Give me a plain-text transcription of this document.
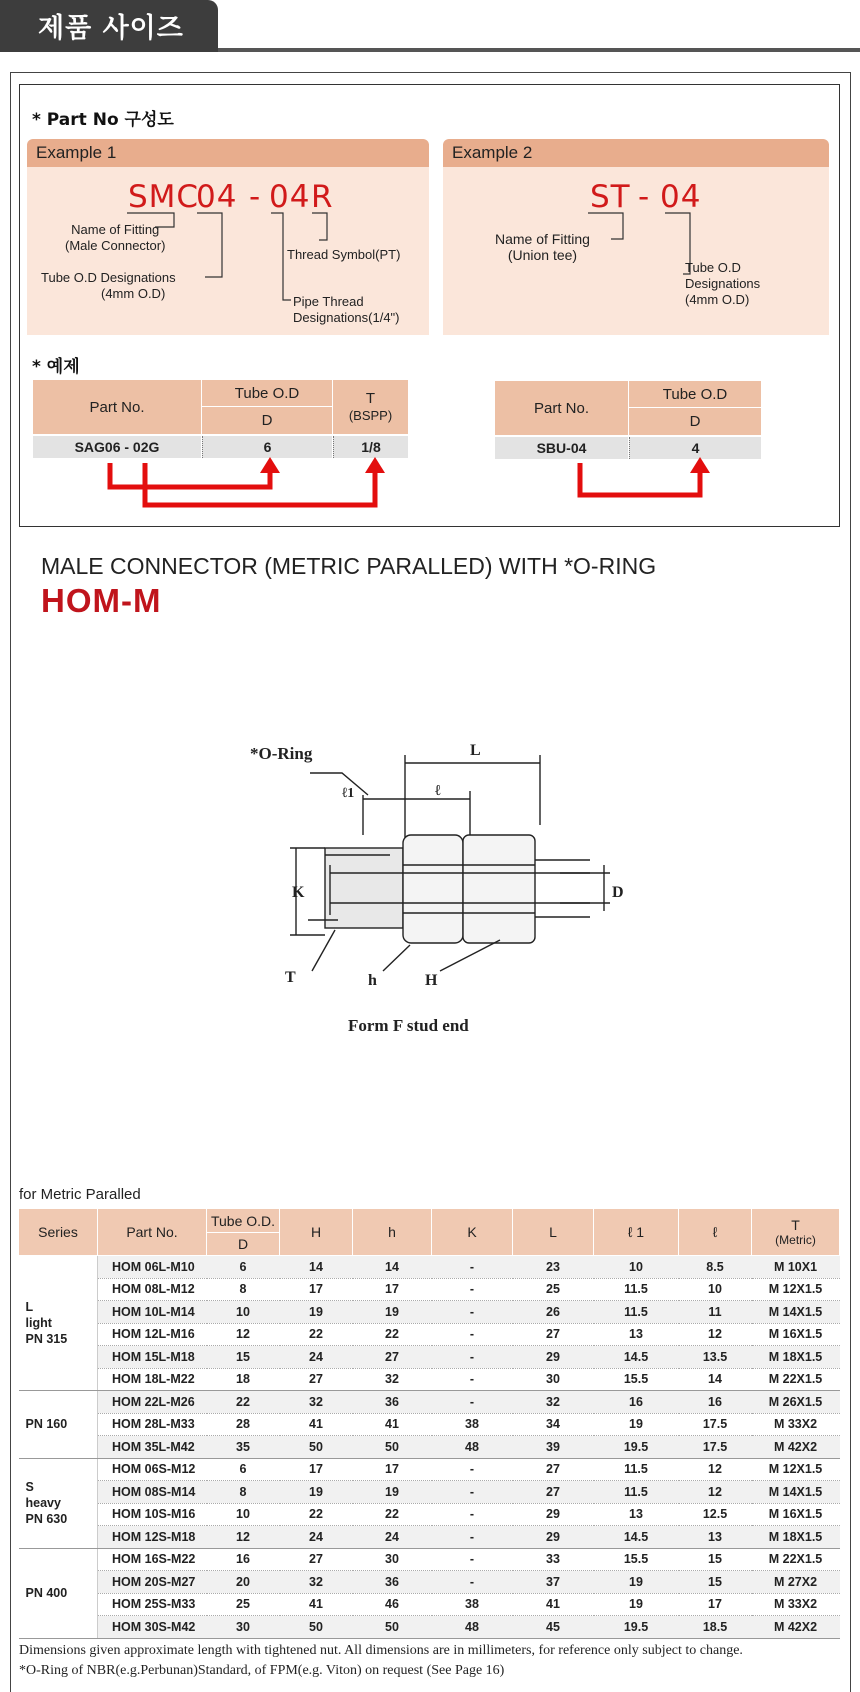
제품 사이즈
* Part No 구성도
Example 1
SMC
04 - 04 R
Name of Fitting
(Male Connector)
Tube O.D Designations
(4mm O.D)
Thread Symbol(PT)
Pipe Thread
Designations(1/4")
Example 2
ST - 04
Name of Fitting
(Union tee)
Tube O.D
Designations
(4mm O.D)
* 예제
Part No.
Tube O.D
D
T
(BSPP)
SAG06 - 02G	6	1/8
Part No.
Tube O.D
D
SBU-04	4
MALE CONNECTOR (METRIC PARALLED) WITH *O-RING
HOM-M
L
ℓ1	ℓ
*O-Ring
K	D
T	h	H
Form F stud end
for Metric Paralled
Series	Part No.	Tube O.D.	H	h	K	L	ℓ 1	ℓ	T
(Metric)

		D							

L
light
PN 315	HOM 06L-M10	6	14	14	-	23	10	8.5	M 10X1
	HOM 08L-M12	8	17	17	-	25	11.5	10	M 12X1.5
	HOM 10L-M14	10	19	19	-	26	11.5	11	M 14X1.5
	HOM 12L-M16	12	22	22	-	27	13	12	M 16X1.5
	HOM 15L-M18	15	24	27	-	29	14.5	13.5	M 18X1.5
	HOM 18L-M22	18	27	32	-	30	15.5	14	M 22X1.5

PN 160	HOM 22L-M26	22	32	36	-	32	16	16	M 26X1.5
	HOM 28L-M33	28	41	41	38	34	19	17.5	M 33X2
	HOM 35L-M42	35	50	50	48	39	19.5	17.5	M 42X2

S
heavy
PN 630	HOM 06S-M12	6	17	17	-	27	11.5	12	M 12X1.5
	HOM 08S-M14	8	19	19	-	27	11.5	12	M 14X1.5
	HOM 10S-M16	10	22	22	-	29	13	12.5	M 16X1.5
	HOM 12S-M18	12	24	24	-	29	14.5	13	M 18X1.5

PN 400	HOM 16S-M22	16	27	30	-	33	15.5	15	M 22X1.5
	HOM 20S-M27	20	32	36	-	37	19	15	M 27X2
	HOM 25S-M33	25	41	46	38	41	19	17	M 33X2
	HOM 30S-M42	30	50	50	48	45	19.5	18.5	M 42X2
Dimensions given approximate length with tightened nut. All dimensions are in millimeters, for reference only subject to change.
*O-Ring of NBR(e.g.Perbunan)Standard, of FPM(e.g. Viton) on request (See Page 16)
